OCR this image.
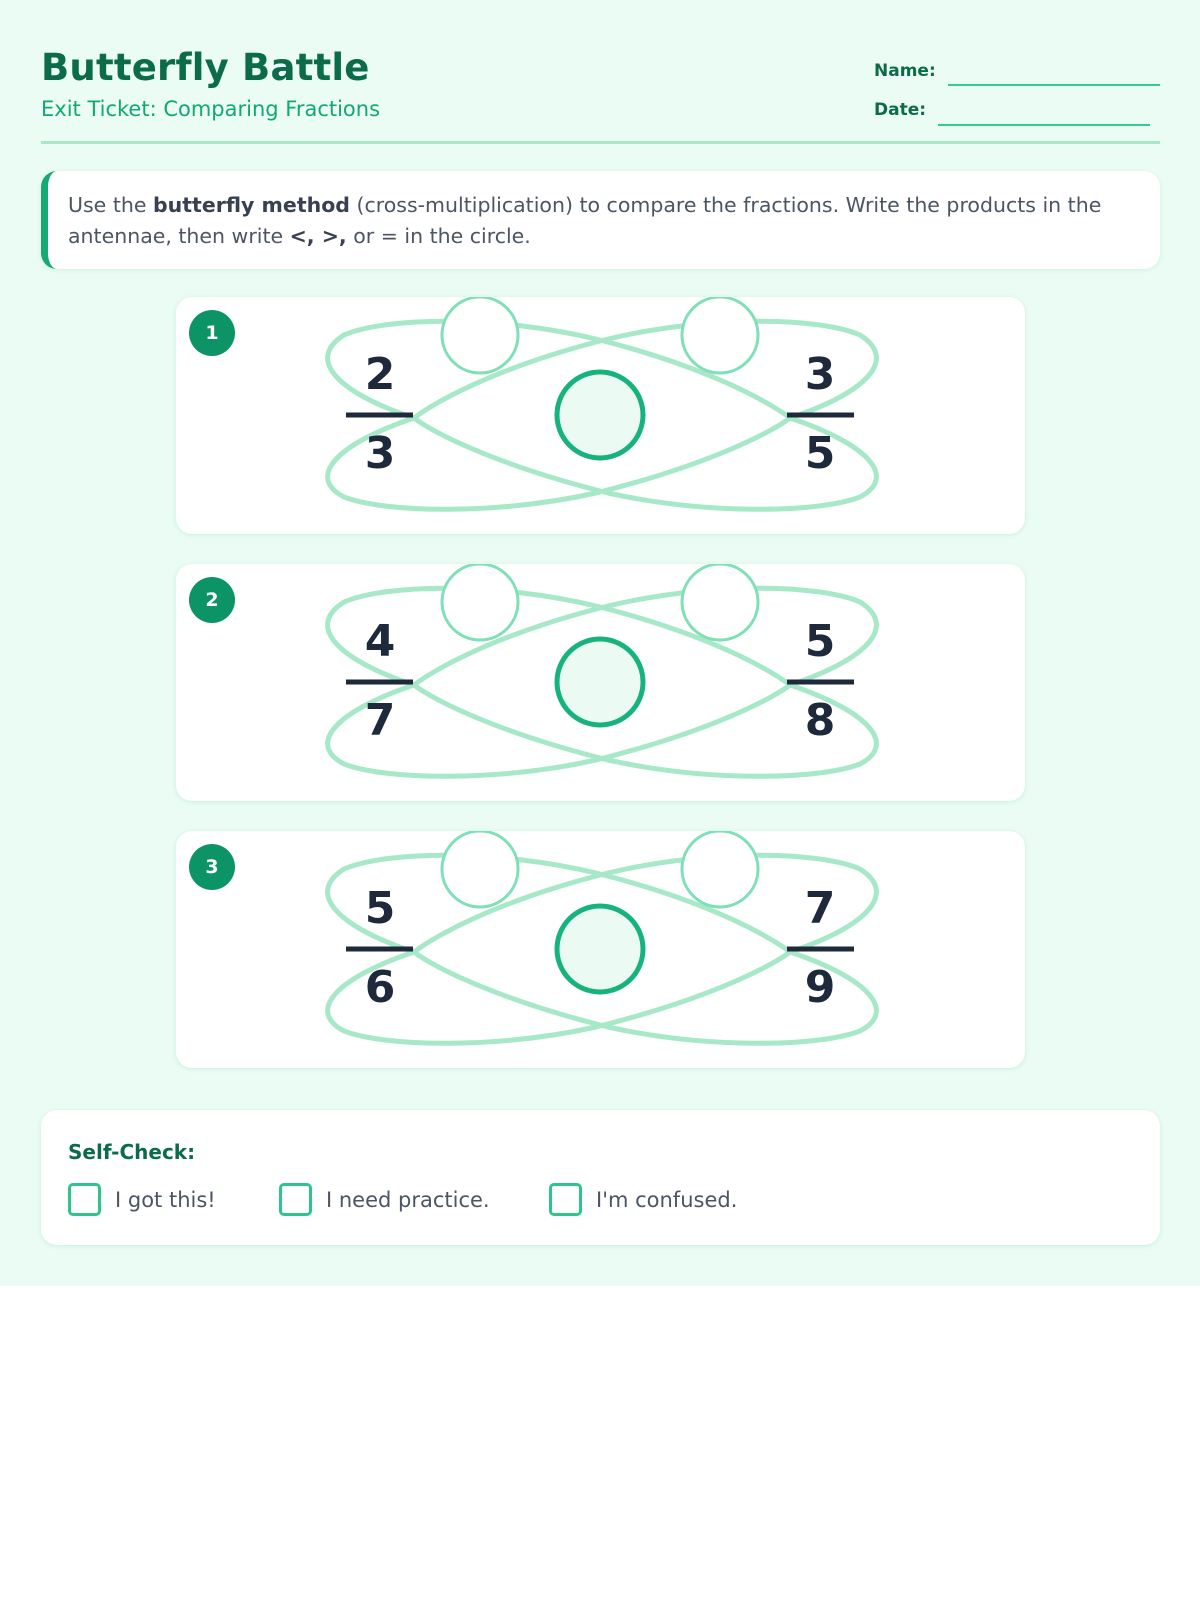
Butterfly Battle
Exit Ticket: Comparing Fractions
Name:
Date:
Use the butterfly method (cross-multiplication) to compare the fractions. Write the products in the antennae, then write <, >, or = in the circle.
1
2
3
3
5
2
4
7
5
8
3
5
6
7
9
Self-Check:
I got this!	I need practice.	I'm confused.
